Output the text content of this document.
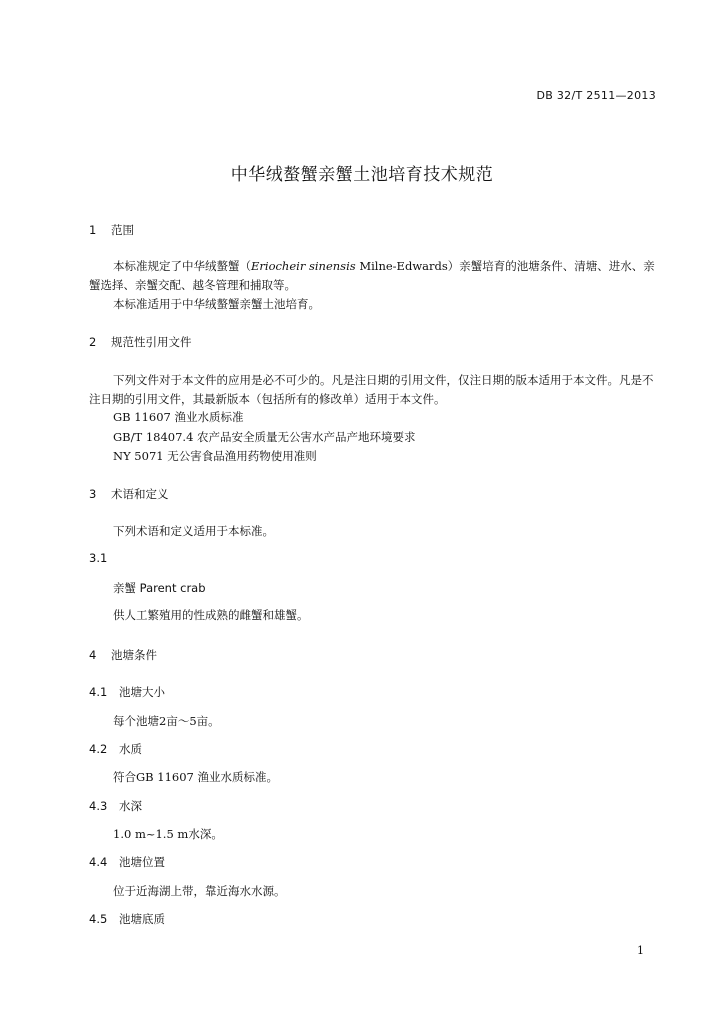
DB 32/T 2511—2013
中华绒螯蟹亲蟹土池培育技术规范
1 范围
本标准规定了中华绒螯蟹（Eriocheir sinensis Milne-Edwards）亲蟹培育的池塘条件、清塘、进水、亲蟹选择、亲蟹交配、越冬管理和捕取等。
本标准适用于中华绒螯蟹亲蟹土池培育。
2 规范性引用文件
下列文件对于本文件的应用是必不可少的。凡是注日期的引用文件，仅注日期的版本适用于本文件。凡是不注日期的引用文件，其最新版本（包括所有的修改单）适用于本文件。
GB 11607 渔业水质标准
GB/T 18407.4 农产品安全质量无公害水产品产地环境要求
NY 5071 无公害食品渔用药物使用准则
3 术语和定义
下列术语和定义适用于本标准。
3.1
亲蟹 Parent crab
供人工繁殖用的性成熟的雌蟹和雄蟹。
4 池塘条件
4.1 池塘大小
每个池塘2亩～5亩。
4.2 水质
符合GB 11607 渔业水质标准。
4.3 水深
1.0 m~1.5 m水深。
4.4 池塘位置
位于近海湖上带，靠近海水水源。
4.5 池塘底质
1
